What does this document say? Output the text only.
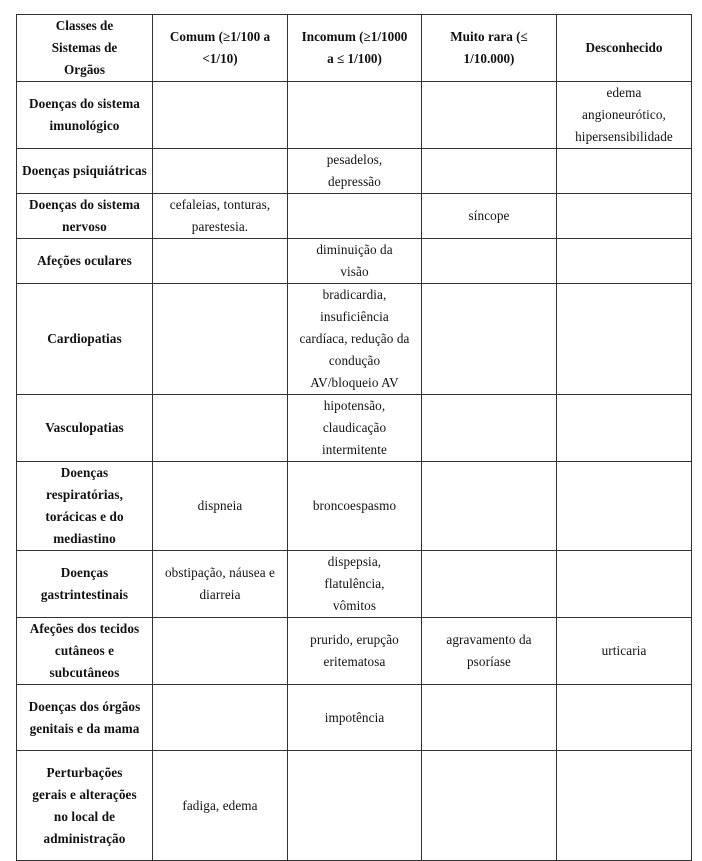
Classes de Sistemas de Orgãos	Comum (≥1/100 a <1/10)	Incomum (≥1/1000 a ≤ 1/100)	Muito rara (≤ 1/10.000)	Desconhecido
Doenças do sistema imunológico				edema angioneurótico, hipersensibilidade
Doenças psiquiátricas		pesadelos, depressão		
Doenças do sistema nervoso	cefaleias, tonturas, parestesia.		síncope	
Afeções oculares		diminuição da visão		
Cardiopatias		bradicardia, insuficiência cardíaca, redução da condução AV/bloqueio AV		
Vasculopatias		hipotensão, claudicação intermitente		
Doenças respiratórias, torácicas e do mediastino	dispneia	broncoespasmo		
Doenças gastrintestinais	obstipação, náusea e diarreia	dispepsia, flatulência, vômitos		
Afeções dos tecidos cutâneos e subcutâneos		prurido, erupção eritematosa	agravamento da psoríase	urticaria
Doenças dos órgãos genitais e da mama		impotência		
Perturbações gerais e alterações no local de administração	fadiga, edema			
